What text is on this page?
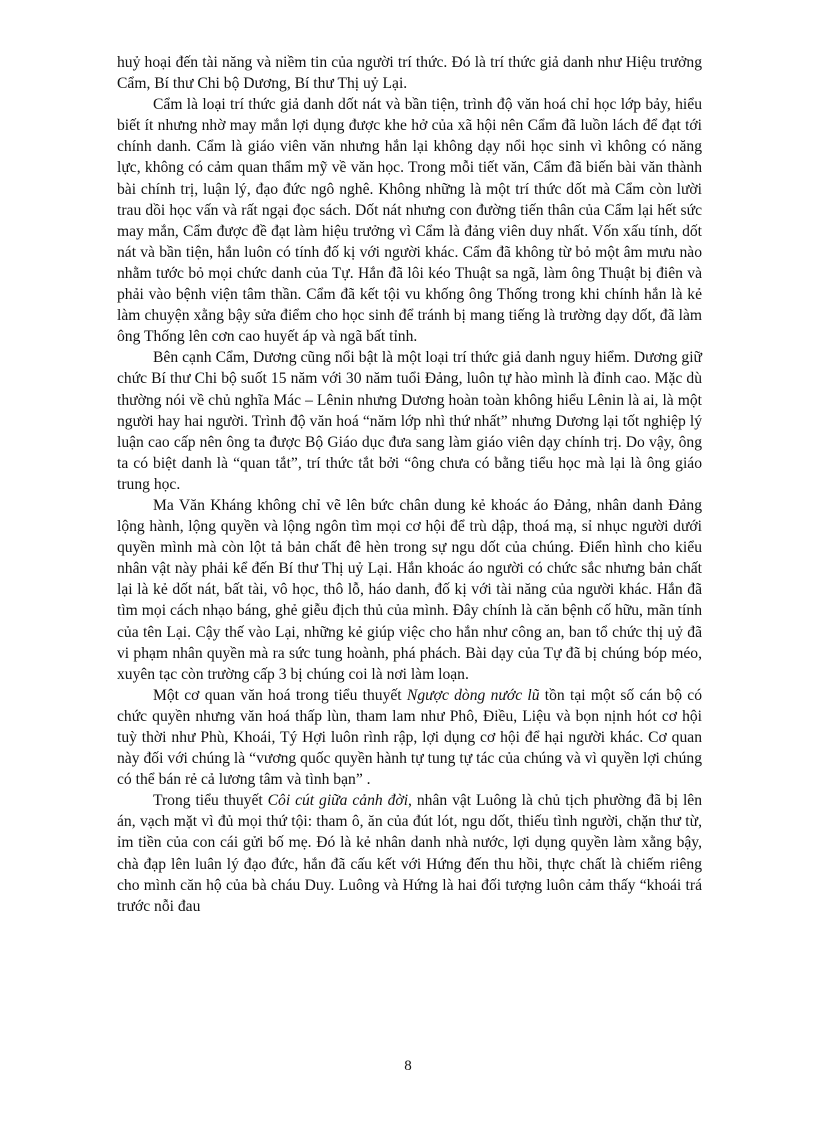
huỷ hoại đến tài năng và niềm tin của người trí thức. Đó là trí thức giả danh như Hiệu trưởng Cẩm, Bí thư Chi bộ Dương, Bí thư Thị uỷ Lại.

Cẩm là loại trí thức giả danh dốt nát và bần tiện, trình độ văn hoá chỉ học lớp bảy, hiểu biết ít nhưng nhờ may mắn lợi dụng được khe hở của xã hội nên Cẩm đã luồn lách để đạt tới chính danh. Cẩm là giáo viên văn nhưng hắn lại không dạy nổi học sinh vì không có năng lực, không có cảm quan thẩm mỹ về văn học. Trong mỗi tiết văn, Cẩm đã biến bài văn thành bài chính trị, luận lý, đạo đức ngô nghê. Không những là một trí thức dốt mà Cẩm còn lười trau dồi học vấn và rất ngại đọc sách. Dốt nát nhưng con đường tiến thân của Cẩm lại hết sức may mắn, Cẩm được đề đạt làm hiệu trưởng vì Cẩm là đảng viên duy nhất. Vốn xấu tính, dốt nát và bần tiện, hắn luôn có tính đố kị với người khác. Cẩm đã không từ bỏ một âm mưu nào nhằm tước bỏ mọi chức danh của Tự. Hắn đã lôi kéo Thuật sa ngã, làm ông Thuật bị điên và phải vào bệnh viện tâm thần. Cẩm đã kết tội vu khống ông Thống trong khi chính hắn là kẻ làm chuyện xằng bậy sửa điểm cho học sinh để tránh bị mang tiếng là trường dạy dốt, đã làm ông Thống lên cơn cao huyết áp và ngã bất tỉnh.

Bên cạnh Cẩm, Dương cũng nổi bật là một loại trí thức giả danh nguy hiểm. Dương giữ chức Bí thư Chi bộ suốt 15 năm với 30 năm tuổi Đảng, luôn tự hào mình là đỉnh cao. Mặc dù thường nói về chủ nghĩa Mác – Lênin nhưng Dương hoàn toàn không hiểu Lênin là ai, là một người hay hai người. Trình độ văn hoá “năm lớp nhì thứ nhất” nhưng Dương lại tốt nghiệp lý luận cao cấp nên ông ta được Bộ Giáo dục đưa sang làm giáo viên dạy chính trị. Do vậy, ông ta có biệt danh là “quan tắt”, trí thức tắt bởi “ông chưa có bằng tiểu học mà lại là ông giáo trung học.

Ma Văn Kháng không chỉ vẽ lên bức chân dung kẻ khoác áo Đảng, nhân danh Đảng lộng hành, lộng quyền và lộng ngôn tìm mọi cơ hội để trù dập, thoá mạ, sỉ nhục người dưới quyền mình mà còn lột tả bản chất đê hèn trong sự ngu dốt của chúng. Điển hình cho kiểu nhân vật này phải kể đến Bí thư Thị uỷ Lại. Hắn khoác áo người có chức sắc nhưng bản chất lại là kẻ dốt nát, bất tài, vô học, thô lỗ, háo danh, đố kị với tài năng của người khác. Hắn đã tìm mọi cách nhạo báng, ghẻ giễu địch thủ của mình. Đây chính là căn bệnh cố hữu, mãn tính của tên Lại. Cậy thế vào Lại, những kẻ giúp việc cho hắn như công an, ban tổ chức thị uỷ đã vi phạm nhân quyền mà ra sức tung hoành, phá phách. Bài dạy của Tự đã bị chúng bóp méo, xuyên tạc còn trường cấp 3 bị chúng coi là nơi làm loạn.

Một cơ quan văn hoá trong tiểu thuyết Ngược dòng nước lũ tồn tại một số cán bộ có chức quyền nhưng văn hoá thấp lùn, tham lam như Phô, Điều, Liệu và bọn nịnh hót cơ hội tuỳ thời như Phù, Khoái, Tý Hợi luôn rình rập, lợi dụng cơ hội để hại người khác. Cơ quan này đối với chúng là “vương quốc quyền hành tự tung tự tác của chúng và vì quyền lợi chúng có thể bán rẻ cả lương tâm và tình bạn” .

Trong tiểu thuyết Côi cút giữa cảnh đời, nhân vật Luông là chủ tịch phường đã bị lên án, vạch mặt vì đủ mọi thứ tội: tham ô, ăn của đút lót, ngu dốt, thiếu tình người, chặn thư từ, ỉm tiền của con cái gửi bố mẹ. Đó là kẻ nhân danh nhà nước, lợi dụng quyền làm xằng bậy, chà đạp lên luân lý đạo đức, hắn đã cấu kết với Hứng đến thu hồi, thực chất là chiếm riêng cho mình căn hộ của bà cháu Duy. Luông và Hứng là hai đối tượng luôn cảm thấy “khoái trá trước nỗi đau

8
